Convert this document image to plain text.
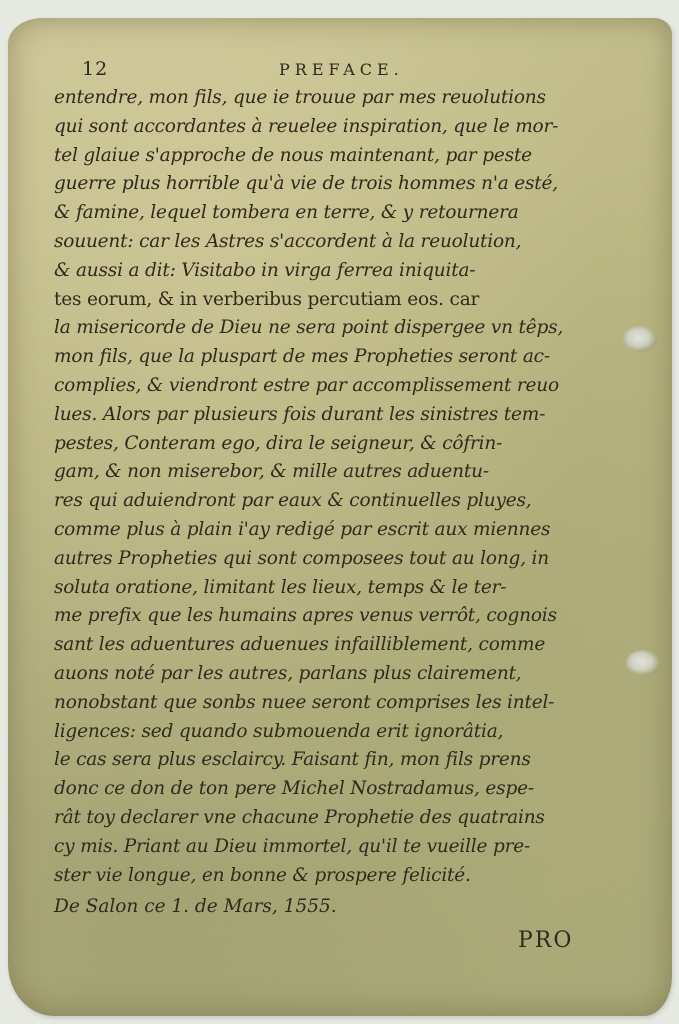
12	PREFACE.
entendre, mon fils, que ie trouue par mes reuolutions
qui sont accordantes à reuelee inspiration, que le mor-
tel glaiue s'approche de nous maintenant, par peste
guerre plus horrible qu'à vie de trois hommes n'a esté,
& famine, lequel tombera en terre, & y retournera
souuent: car les Astres s'accordent à la reuolution,
& aussi a dit: Visitabo in virga ferrea iniquita-
tes eorum, & in verberibus percutiam eos. car
la misericorde de Dieu ne sera point dispergee vn têps,
mon fils, que la pluspart de mes Propheties seront ac-
complies, & viendront estre par accomplissement reuo
lues. Alors par plusieurs fois durant les sinistres tem-
pestes, Conteram ego, dira le seigneur, & côfrin-
gam, & non miserebor, & mille autres aduentu-
res qui aduiendront par eaux & continuelles pluyes,
comme plus à plain i'ay redigé par escrit aux miennes
autres Propheties qui sont composees tout au long, in
soluta oratione, limitant les lieux, temps & le ter-
me prefix que les humains apres venus verrôt, cognois
sant les aduentures aduenues infailliblement, comme
auons noté par les autres, parlans plus clairement,
nonobstant que sonbs nuee seront comprises les intel-
ligences: sed quando submouenda erit ignorâtia,
le cas sera plus esclaircy. Faisant fin, mon fils prens
donc ce don de ton pere Michel Nostradamus, espe-
rât toy declarer vne chacune Prophetie des quatrains
cy mis. Priant au Dieu immortel, qu'il te vueille pre-
ster vie longue, en bonne & prospere felicité.
De Salon ce 1. de Mars, 1555.
PRO
